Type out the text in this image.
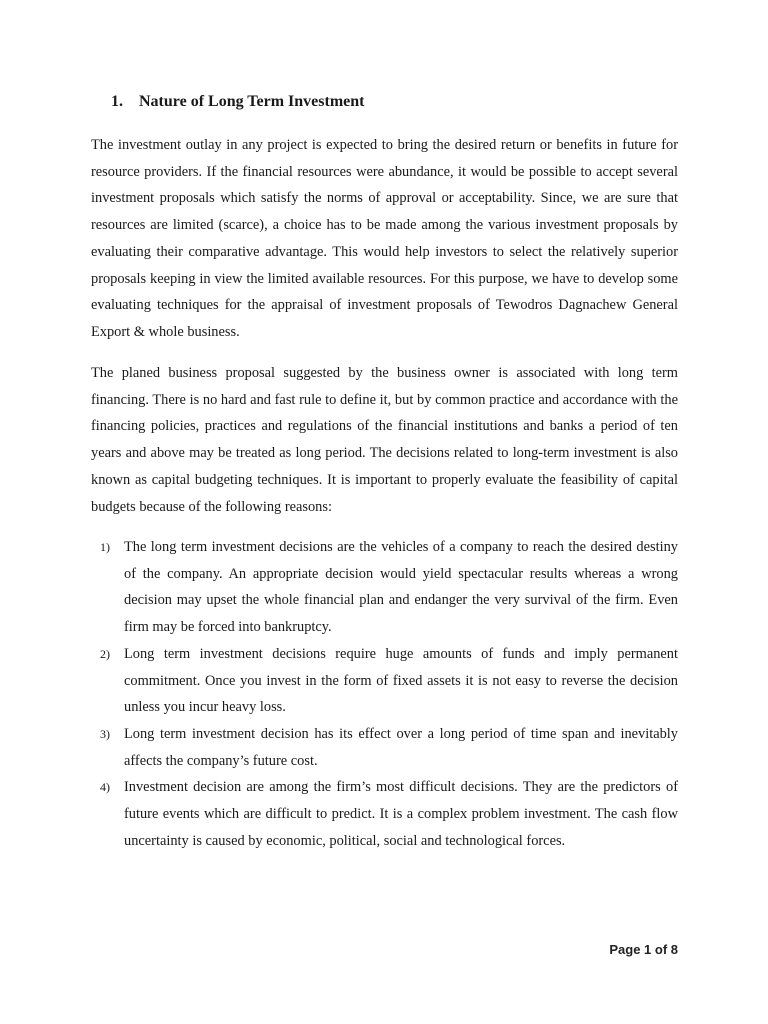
1. Nature of Long Term Investment

The investment outlay in any project is expected to bring the desired return or benefits in future for resource providers. If the financial resources were abundance, it would be possible to accept several investment proposals which satisfy the norms of approval or acceptability. Since, we are sure that resources are limited (scarce), a choice has to be made among the various investment proposals by evaluating their comparative advantage. This would help investors to select the relatively superior proposals keeping in view the limited available resources. For this purpose, we have to develop some evaluating techniques for the appraisal of investment proposals of Tewodros Dagnachew General Export & whole business.

The planed business proposal suggested by the business owner is associated with long term financing. There is no hard and fast rule to define it, but by common practice and accordance with the financing policies, practices and regulations of the financial institutions and banks a period of ten years and above may be treated as long period. The decisions related to long-term investment is also known as capital budgeting techniques. It is important to properly evaluate the feasibility of capital budgets because of the following reasons:

1) The long term investment decisions are the vehicles of a company to reach the desired destiny of the company. An appropriate decision would yield spectacular results whereas a wrong decision may upset the whole financial plan and endanger the very survival of the firm. Even firm may be forced into bankruptcy.
2) Long term investment decisions require huge amounts of funds and imply permanent commitment. Once you invest in the form of fixed assets it is not easy to reverse the decision unless you incur heavy loss.
3) Long term investment decision has its effect over a long period of time span and inevitably affects the company’s future cost.
4) Investment decision are among the firm’s most difficult decisions. They are the predictors of future events which are difficult to predict. It is a complex problem investment. The cash flow uncertainty is caused by economic, political, social and technological forces.
Page 1 of 8
